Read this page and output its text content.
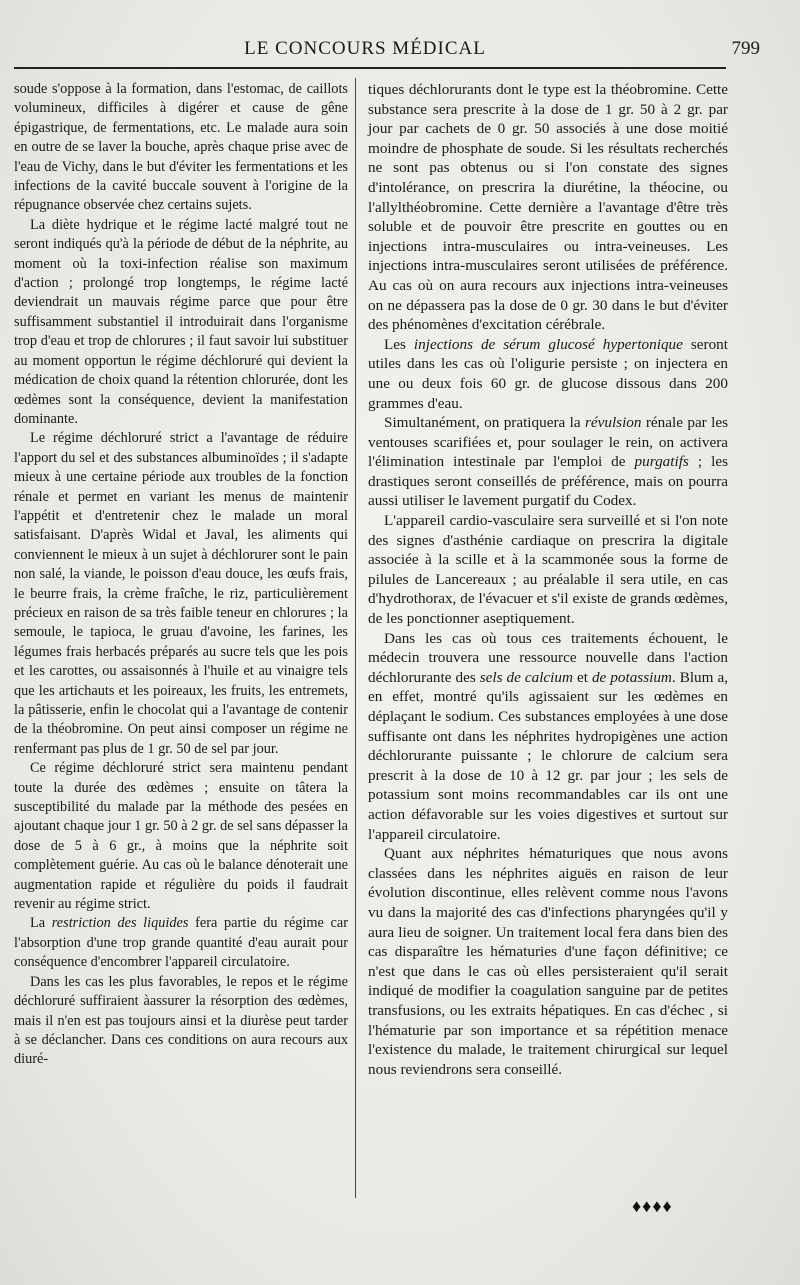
LE CONCOURS MÉDICAL	799

soude s'oppose à la formation, dans l'estomac, de caillots volumineux, difficiles à digérer et cause de gêne épigastrique, de fermentations, etc. Le malade aura soin en outre de se laver la bouche, après chaque prise avec de l'eau de Vichy, dans le but d'éviter les fermentations et les infections de la cavité buccale souvent à l'origine de la répugnance observée chez certains sujets.

La diète hydrique et le régime lacté malgré tout ne seront indiqués qu'à la période de début de la néphrite, au moment où la toxi-infection réalise son maximum d'action ; prolongé trop longtemps, le régime lacté deviendrait un mauvais régime parce que pour être suffisamment substantiel il introduirait dans l'organisme trop d'eau et trop de chlorures ; il faut savoir lui substituer au moment opportun le régime déchloruré qui devient la médication de choix quand la rétention chlorurée, dont les œdèmes sont la conséquence, devient la manifestation dominante.

Le régime déchloruré strict a l'avantage de réduire l'apport du sel et des substances albuminoïdes ; il s'adapte mieux à une certaine période aux troubles de la fonction rénale et permet en variant les menus de maintenir l'appétit et d'entretenir chez le malade un moral satisfaisant. D'après Widal et Javal, les aliments qui conviennent le mieux à un sujet à déchlorurer sont le pain non salé, la viande, le poisson d'eau douce, les œufs frais, le beurre frais, la crème fraîche, le riz, particulièrement précieux en raison de sa très faible teneur en chlorures ; la semoule, le tapioca, le gruau d'avoine, les farines, les légumes frais herbacés préparés au sucre tels que les pois et les carottes, ou assaisonnés à l'huile et au vinaigre tels que les artichauts et les poireaux, les fruits, les entremets, la pâtisserie, enfin le chocolat qui a l'avantage de contenir de la théobromine. On peut ainsi composer un régime ne renfermant pas plus de 1 gr. 50 de sel par jour.

Ce régime déchloruré strict sera maintenu pendant toute la durée des œdèmes ; ensuite on tâtera la susceptibilité du malade par la méthode des pesées en ajoutant chaque jour 1 gr. 50 à 2 gr. de sel sans dépasser la dose de 5 à 6 gr., à moins que la néphrite soit complètement guérie. Au cas où le balance dénoterait une augmentation rapide et régulière du poids il faudrait revenir au régime strict.

La restriction des liquides fera partie du régime car l'absorption d'une trop grande quantité d'eau aurait pour conséquence d'encombrer l'appareil circulatoire.

Dans les cas les plus favorables, le repos et le régime déchloruré suffiraient àassurer la résorption des œdèmes, mais il n'en est pas toujours ainsi et la diurèse peut tarder à se déclancher. Dans ces conditions on aura recours aux diuré-

tiques déchlorurants dont le type est la théobromine. Cette substance sera prescrite à la dose de 1 gr. 50 à 2 gr. par jour par cachets de 0 gr. 50 associés à une dose moitié moindre de phosphate de soude. Si les résultats recherchés ne sont pas obtenus ou si l'on constate des signes d'intolérance, on prescrira la diurétine, la théocine, ou l'allylthéobromine. Cette dernière a l'avantage d'être très soluble et de pouvoir être prescrite en gouttes ou en injections intra-musculaires ou intra-veineuses. Les injections intra-musculaires seront utilisées de préférence. Au cas où on aura recours aux injections intra-veineuses on ne dépassera pas la dose de 0 gr. 30 dans le but d'éviter des phénomènes d'excitation cérébrale.

Les injections de sérum glucosé hypertonique seront utiles dans les cas où l'oligurie persiste ; on injectera en une ou deux fois 60 gr. de glucose dissous dans 200 grammes d'eau.

Simultanément, on pratiquera la révulsion rénale par les ventouses scarifiées et, pour soulager le rein, on activera l'élimination intestinale par l'emploi de purgatifs ; les drastiques seront conseillés de préférence, mais on pourra aussi utiliser le lavement purgatif du Codex.

L'appareil cardio-vasculaire sera surveillé et si l'on note des signes d'asthénie cardiaque on prescrira la digitale associée à la scille et à la scammonée sous la forme de pilules de Lancereaux ; au préalable il sera utile, en cas d'hydrothorax, de l'évacuer et s'il existe de grands œdèmes, de les ponctionner aseptiquement.

Dans les cas où tous ces traitements échouent, le médecin trouvera une ressource nouvelle dans l'action déchlorurante des sels de calcium et de potassium. Blum a, en effet, montré qu'ils agissaient sur les œdèmes en déplaçant le sodium. Ces substances employées à une dose suffisante ont dans les néphrites hydropigènes une action déchlorurante puissante ; le chlorure de calcium sera prescrit à la dose de 10 à 12 gr. par jour ; les sels de potassium sont moins recommandables car ils ont une action défavorable sur les voies digestives et surtout sur l'appareil circulatoire.

Quant aux néphrites hématuriques que nous avons classées dans les néphrites aiguës en raison de leur évolution discontinue, elles relèvent comme nous l'avons vu dans la majorité des cas d'infections pharyngées qu'il y aura lieu de soigner. Un traitement local fera dans bien des cas disparaître les hématuries d'une façon définitive; ce n'est que dans le cas où elles persisteraient qu'il serait indiqué de modifier la coagulation sanguine par de petites transfusions, ou les extraits hépatiques. En cas d'échec , si l'hématurie par son importance et sa répétition menace l'existence du malade, le traitement chirurgical sur lequel nous reviendrons sera conseillé.

♦♦♦♦
